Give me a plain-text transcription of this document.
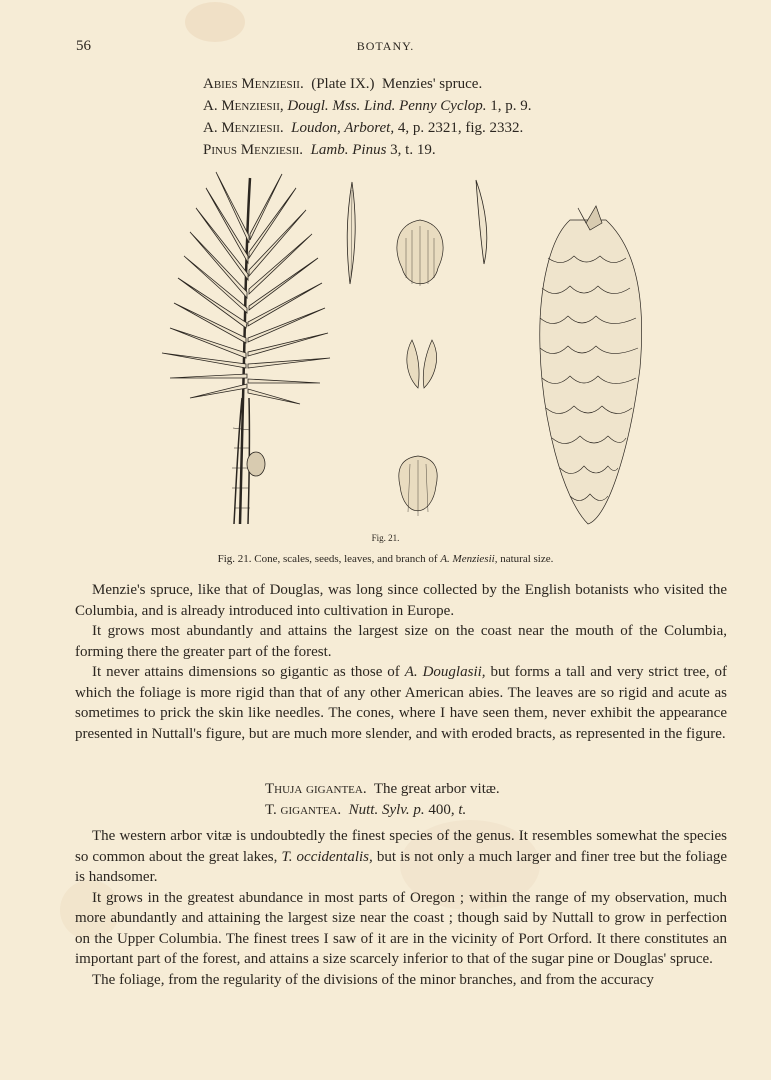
56	BOTANY.
Abies Menziesii. (Plate IX.) Menzies' spruce.
A. Menziesii, Dougl. Mss. Lind. Penny Cyclop. 1, p. 9.
A. Menziesii. Loudon, Arboret, 4, p. 2321, fig. 2332.
Pinus Menziesii. Lamb. Pinus 3, t. 19.
Fig. 21.
Fig. 21. Cone, scales, seeds, leaves, and branch of A. Menziesii, natural size.

Menzie's spruce, like that of Douglas, was long since collected by the English botanists who visited the Columbia, and is already introduced into cultivation in Europe.

It grows most abundantly and attains the largest size on the coast near the mouth of the Columbia, forming there the greater part of the forest.

It never attains dimensions so gigantic as those of A. Douglasii, but forms a tall and very strict tree, of which the foliage is more rigid than that of any other American abies. The leaves are so rigid and acute as sometimes to prick the skin like needles. The cones, where I have seen them, never exhibit the appearance presented in Nuttall's figure, but are much more slender, and with eroded bracts, as represented in the figure.

Thuja gigantea. The great arbor vitæ.
T. gigantea. Nutt. Sylv. p. 400, t.

The western arbor vitæ is undoubtedly the finest species of the genus. It resembles somewhat the species so common about the great lakes, T. occidentalis, but is not only a much larger and finer tree but the foliage is handsomer.

It grows in the greatest abundance in most parts of Oregon ; within the range of my observation, much more abundantly and attaining the largest size near the coast ; though said by Nuttall to grow in perfection on the Upper Columbia. The finest trees I saw of it are in the vicinity of Port Orford. It there constitutes an important part of the forest, and attains a size scarcely inferior to that of the sugar pine or Douglas' spruce.

The foliage, from the regularity of the divisions of the minor branches, and from the accuracy
